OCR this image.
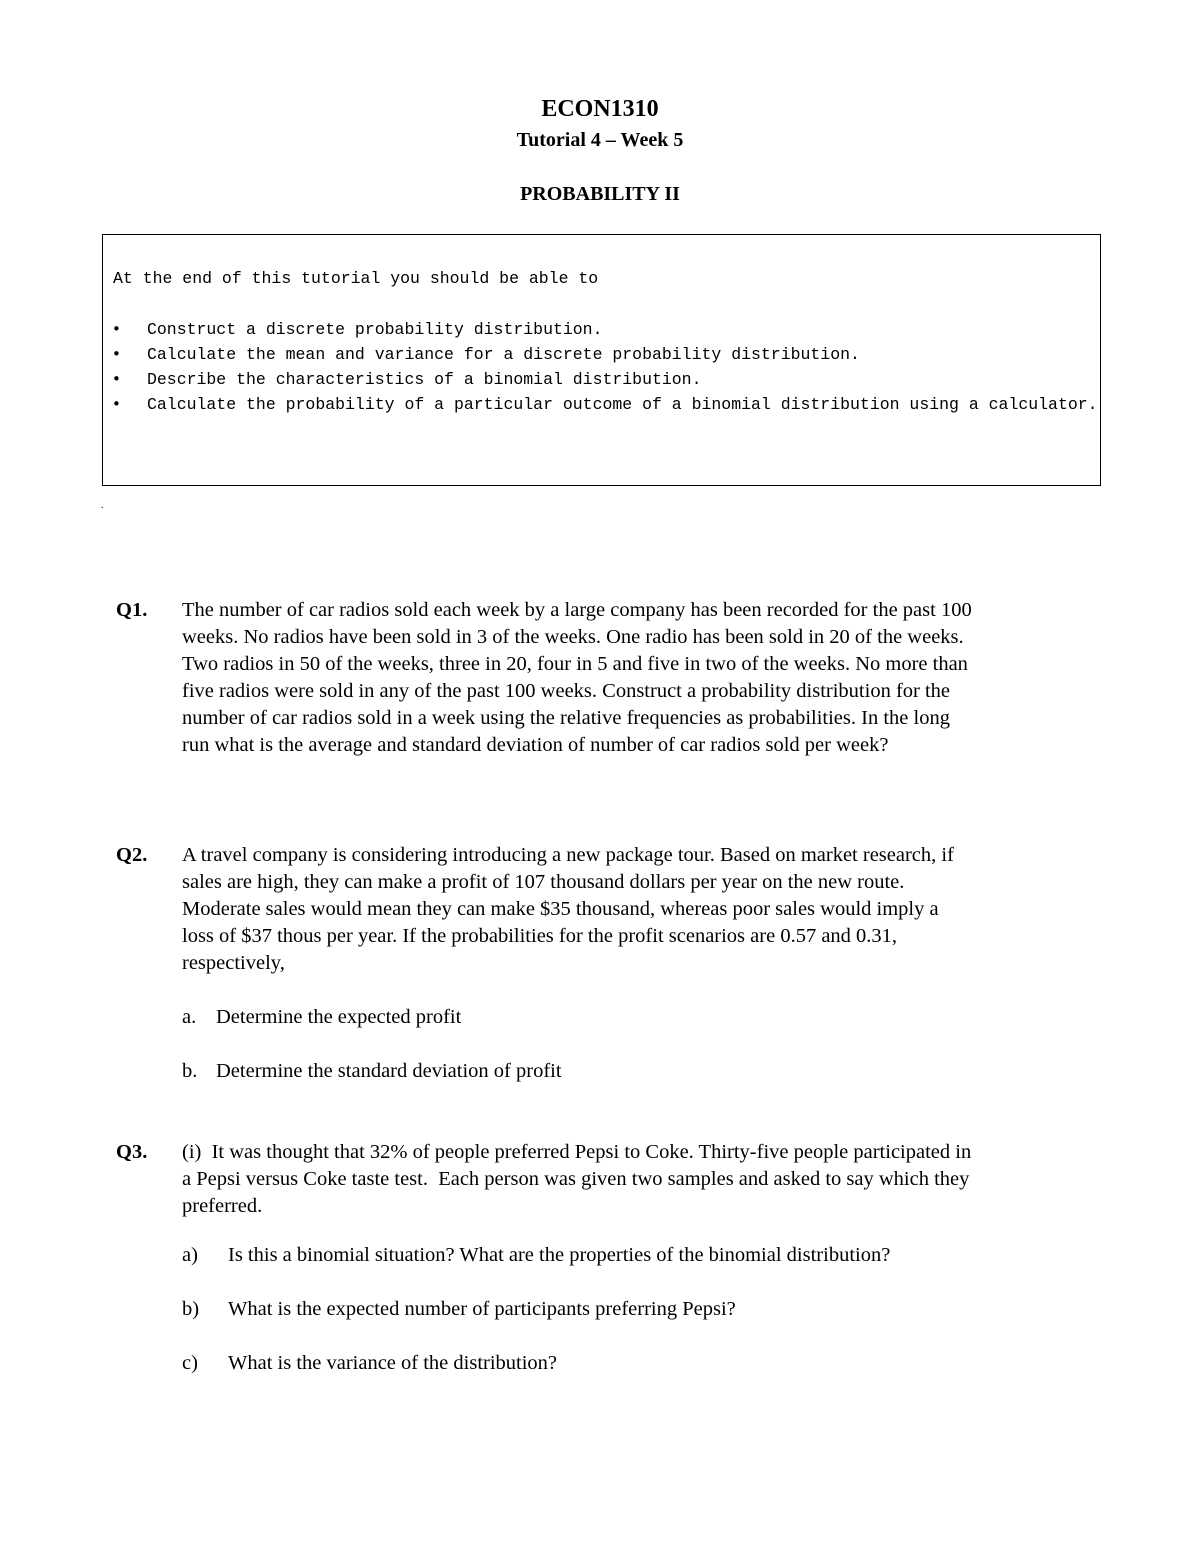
ECON1310
Tutorial 4 – Week 5
PROBABILITY II
At the end of this tutorial you should be able to
• Construct a discrete probability distribution.
• Calculate the mean and variance for a discrete probability distribution.
• Describe the characteristics of a binomial distribution.
• Calculate the probability of a particular outcome of a binomial distribution using a calculator.
.
Q1. The number of car radios sold each week by a large company has been recorded for the past 100
weeks. No radios have been sold in 3 of the weeks. One radio has been sold in 20 of the weeks.
Two radios in 50 of the weeks, three in 20, four in 5 and five in two of the weeks. No more than
five radios were sold in any of the past 100 weeks. Construct a probability distribution for the
number of car radios sold in a week using the relative frequencies as probabilities. In the long
run what is the average and standard deviation of number of car radios sold per week?
Q2. A travel company is considering introducing a new package tour. Based on market research, if
sales are high, they can make a profit of 107 thousand dollars per year on the new route.
Moderate sales would mean they can make $35 thousand, whereas poor sales would imply a
loss of $37 thous per year. If the probabilities for the profit scenarios are 0.57 and 0.31,
respectively,
a. Determine the expected profit
b. Determine the standard deviation of profit
Q3. (i)  It was thought that 32% of people preferred Pepsi to Coke. Thirty-five people participated in
a Pepsi versus Coke taste test.  Each person was given two samples and asked to say which they
preferred.
a) Is this a binomial situation? What are the properties of the binomial distribution?
b) What is the expected number of participants preferring Pepsi?
c) What is the variance of the distribution?
